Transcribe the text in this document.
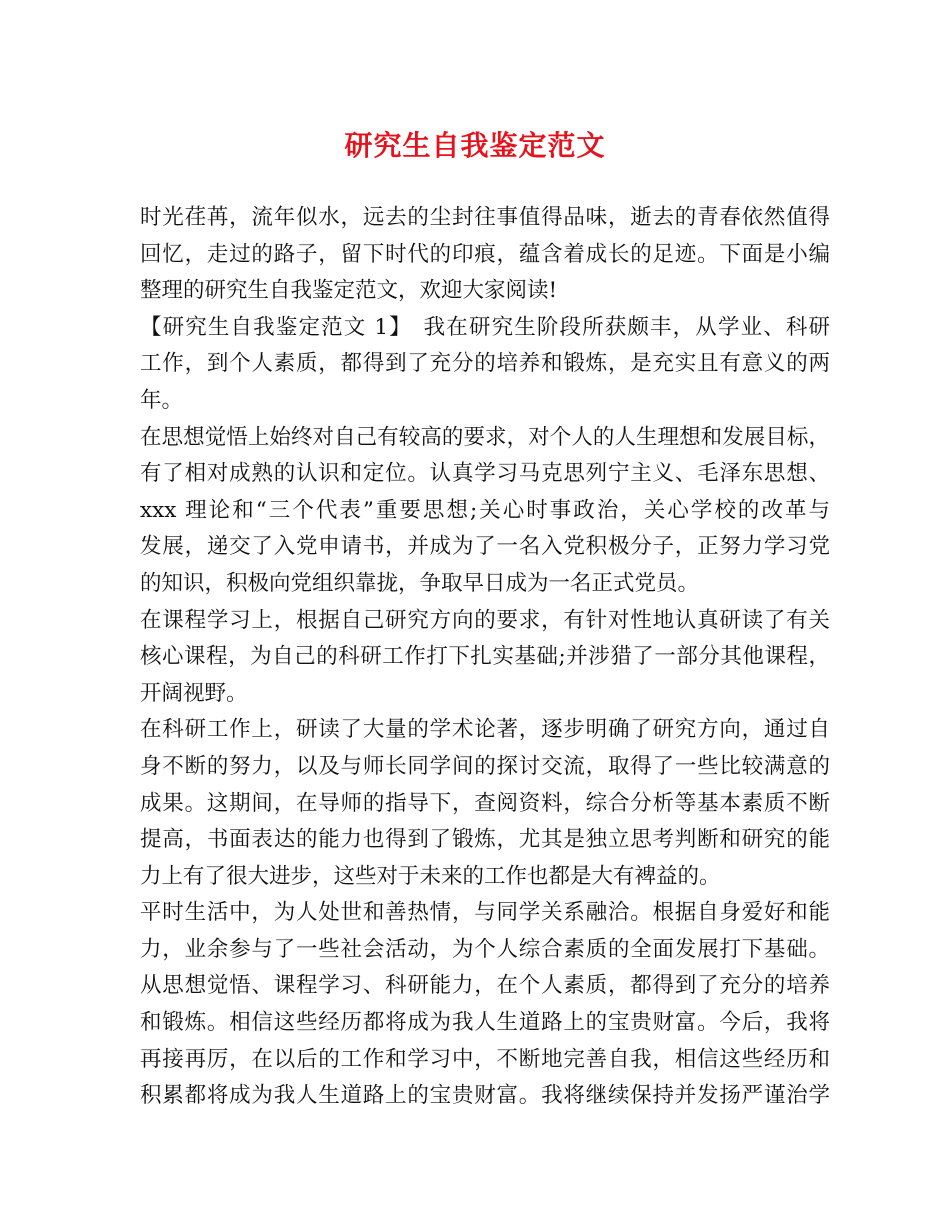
研究生自我鉴定范文
时光荏苒，流年似水，远去的尘封往事值得品味，逝去的青春依然值得
回忆，走过的路子，留下时代的印痕，蕴含着成长的足迹。下面是小编
整理的研究生自我鉴定范文，欢迎大家阅读!
【研究生自我鉴定范文 1】　我在研究生阶段所获颇丰，从学业、科研
工作，到个人素质，都得到了充分的培养和锻炼，是充实且有意义的两
年。
在思想觉悟上始终对自己有较高的要求，对个人的人生理想和发展目标，
有了相对成熟的认识和定位。认真学习马克思列宁主义、毛泽东思想、
xxx 理论和“三个代表”重要思想;关心时事政治，关心学校的改革与
发展，递交了入党申请书，并成为了一名入党积极分子，正努力学习党
的知识，积极向党组织靠拢，争取早日成为一名正式党员。
在课程学习上，根据自己研究方向的要求，有针对性地认真研读了有关
核心课程，为自己的科研工作打下扎实基础;并涉猎了一部分其他课程，
开阔视野。
在科研工作上，研读了大量的学术论著，逐步明确了研究方向，通过自
身不断的努力，以及与师长同学间的探讨交流，取得了一些比较满意的
成果。这期间，在导师的指导下，查阅资料，综合分析等基本素质不断
提高，书面表达的能力也得到了锻炼，尤其是独立思考判断和研究的能
力上有了很大进步，这些对于未来的工作也都是大有裨益的。
平时生活中，为人处世和善热情，与同学关系融洽。根据自身爱好和能
力，业余参与了一些社会活动，为个人综合素质的全面发展打下基础。
从思想觉悟、课程学习、科研能力，在个人素质，都得到了充分的培养
和锻炼。相信这些经历都将成为我人生道路上的宝贵财富。今后，我将
再接再厉，在以后的工作和学习中，不断地完善自我，相信这些经历和
积累都将成为我人生道路上的宝贵财富。我将继续保持并发扬严谨治学
